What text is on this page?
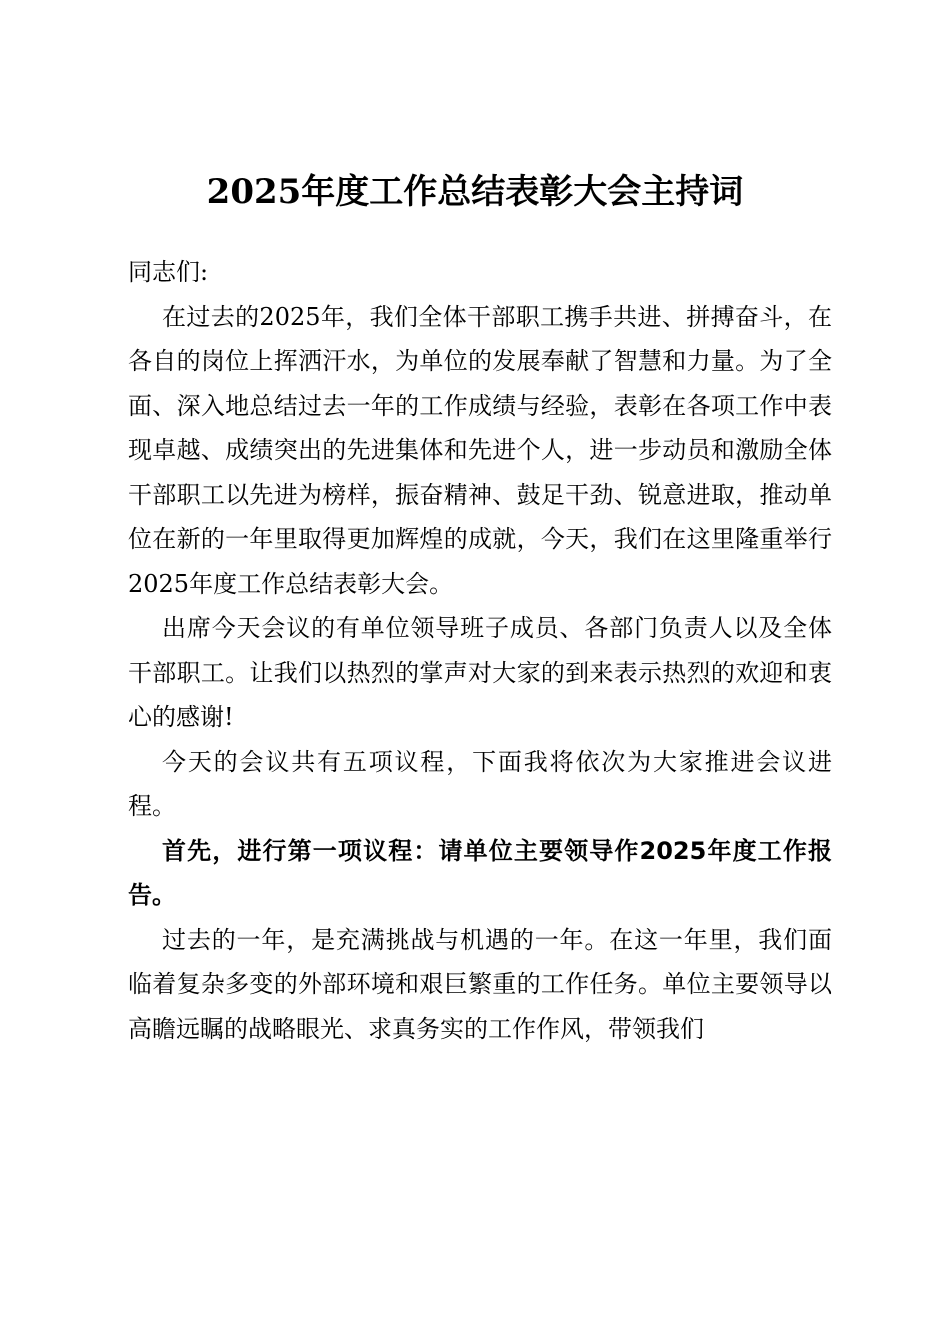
2025年度工作总结表彰大会主持词

同志们:

在过去的2025年，我们全体干部职工携手共进、拼搏奋斗，在各自的岗位上挥洒汗水，为单位的发展奉献了智慧和力量。为了全面、深入地总结过去一年的工作成绩与经验，表彰在各项工作中表现卓越、成绩突出的先进集体和先进个人，进一步动员和激励全体干部职工以先进为榜样，振奋精神、鼓足干劲、锐意进取，推动单位在新的一年里取得更加辉煌的成就，今天，我们在这里隆重举行2025年度工作总结表彰大会。

出席今天会议的有单位领导班子成员、各部门负责人以及全体干部职工。让我们以热烈的掌声对大家的到来表示热烈的欢迎和衷心的感谢!

今天的会议共有五项议程，下面我将依次为大家推进会议进程。

首先，进行第一项议程：请单位主要领导作2025年度工作报告。

过去的一年，是充满挑战与机遇的一年。在这一年里，我们面临着复杂多变的外部环境和艰巨繁重的工作任务。单位主要领导以高瞻远瞩的战略眼光、求真务实的工作作风，带领我们
